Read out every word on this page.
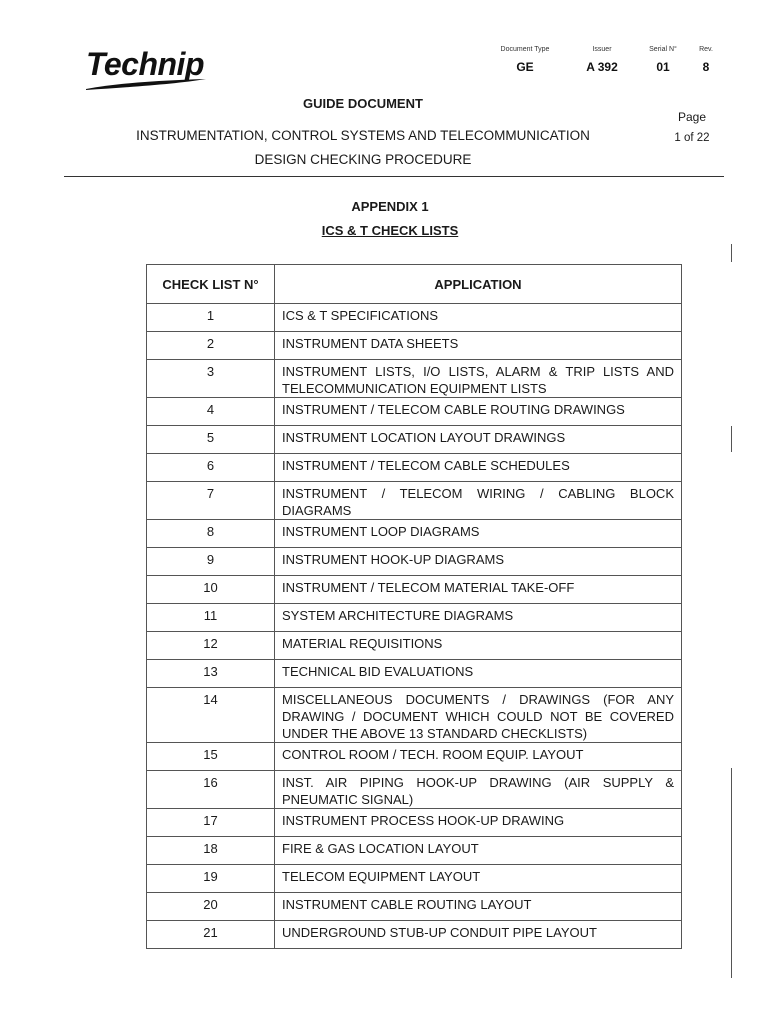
Technip	Document Type
GE
Issuer
A 392
Serial N°
01
Rev.
8
GUIDE DOCUMENT
INSTRUMENTATION, CONTROL SYSTEMS AND TELECOMMUNICATION
DESIGN CHECKING PROCEDURE
Page
1 of 22
APPENDIX 1
ICS & T CHECK LISTS
CHECK LIST N°	APPLICATION
1	ICS & T SPECIFICATIONS
2	INSTRUMENT DATA SHEETS
3	INSTRUMENT LISTS, I/O LISTS, ALARM & TRIP LISTS AND TELECOMMUNICATION EQUIPMENT LISTS
4	INSTRUMENT / TELECOM CABLE ROUTING DRAWINGS
5	INSTRUMENT LOCATION LAYOUT DRAWINGS
6	INSTRUMENT / TELECOM CABLE SCHEDULES
7	INSTRUMENT / TELECOM WIRING / CABLING BLOCK DIAGRAMS
8	INSTRUMENT LOOP DIAGRAMS
9	INSTRUMENT HOOK-UP DIAGRAMS
10	INSTRUMENT / TELECOM MATERIAL TAKE-OFF
11	SYSTEM ARCHITECTURE DIAGRAMS
12	MATERIAL REQUISITIONS
13	TECHNICAL BID EVALUATIONS
14	MISCELLANEOUS DOCUMENTS / DRAWINGS (FOR ANY DRAWING / DOCUMENT WHICH COULD NOT BE COVERED UNDER THE ABOVE 13 STANDARD CHECKLISTS)
15	CONTROL ROOM / TECH. ROOM EQUIP. LAYOUT
16	INST. AIR PIPING HOOK-UP DRAWING (AIR SUPPLY & PNEUMATIC SIGNAL)
17	INSTRUMENT PROCESS HOOK-UP DRAWING
18	FIRE & GAS LOCATION LAYOUT
19	TELECOM EQUIPMENT LAYOUT
20	INSTRUMENT CABLE ROUTING LAYOUT
21	UNDERGROUND STUB-UP CONDUIT PIPE LAYOUT
